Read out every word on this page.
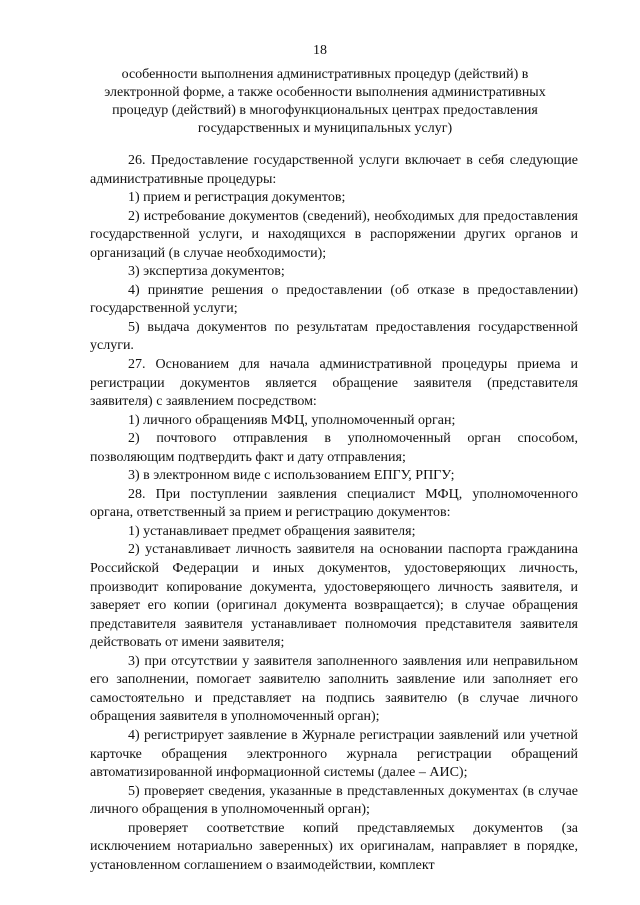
18
особенности выполнения административных процедур (действий) в
электронной форме, а также особенности выполнения административных
процедур (действий) в многофункциональных центрах предоставления
государственных и муниципальных услуг)

26. Предоставление государственной услуги включает в себя следующие административные процедуры:

1) прием и регистрация документов;

2) истребование документов (сведений), необходимых для предоставления государственной услуги, и находящихся в распоряжении других органов и организаций (в случае необходимости);

3) экспертиза документов;

4) принятие решения о предоставлении (об отказе в предоставлении) государственной услуги;

5) выдача документов по результатам предоставления государственной услуги.

27. Основанием для начала административной процедуры приема и регистрации документов является обращение заявителя (представителя заявителя) с заявлением посредством:

1) личного обращенияв МФЦ, уполномоченный орган;

2) почтового отправления в уполномоченный орган способом, позволяющим подтвердить факт и дату отправления;

3) в электронном виде с использованием ЕПГУ, РПГУ;

28. При поступлении заявления специалист МФЦ, уполномоченного органа, ответственный за прием и регистрацию документов:

1) устанавливает предмет обращения заявителя;

2) устанавливает личность заявителя на основании паспорта гражданина Российской Федерации и иных документов, удостоверяющих личность, производит копирование документа, удостоверяющего личность заявителя, и заверяет его копии (оригинал документа возвращается); в случае обращения представителя заявителя устанавливает полномочия представителя заявителя действовать от имени заявителя;

3) при отсутствии у заявителя заполненного заявления или неправильном его заполнении, помогает заявителю заполнить заявление или заполняет его самостоятельно и представляет на подпись заявителю (в случае личного обращения заявителя в уполномоченный орган);

4) регистрирует заявление в Журнале регистрации заявлений или учетной карточке обращения электронного журнала регистрации обращений автоматизированной информационной системы (далее – АИС);

5) проверяет сведения, указанные в представленных документах (в случае личного обращения в уполномоченный орган);

проверяет соответствие копий представляемых документов (за исключением нотариально заверенных) их оригиналам, направляет в порядке, установленном соглашением о взаимодействии, комплект
